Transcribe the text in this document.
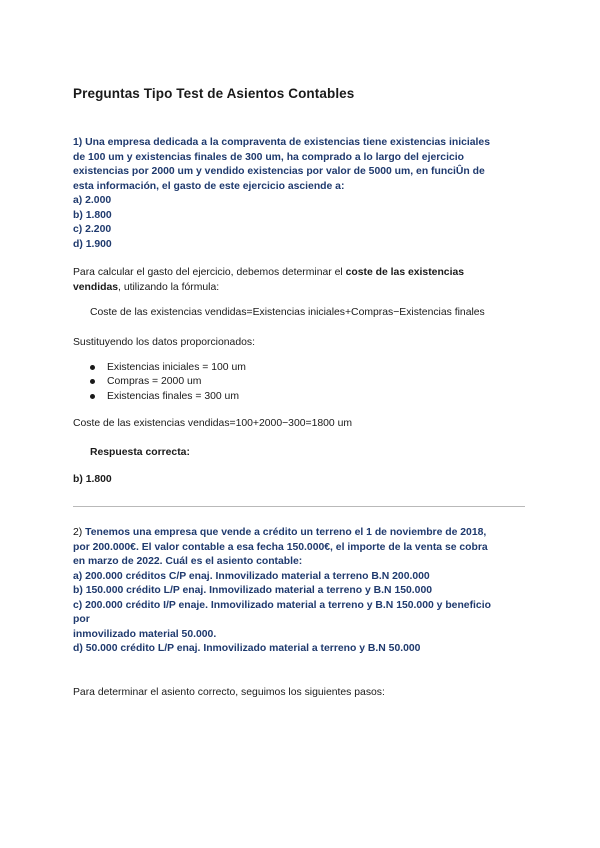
Preguntas Tipo Test de Asientos Contables
1) Una empresa dedicada a la compraventa de existencias tiene existencias iniciales
de 100 um y existencias finales de 300 um, ha comprado a lo largo del ejercicio
existencias por 2000 um y vendido existencias por valor de 5000 um, en funciÛn de
esta información, el gasto de este ejercicio asciende a:
a) 2.000
b) 1.800
c) 2.200
d) 1.900
Para calcular el gasto del ejercicio, debemos determinar el coste de las existencias
vendidas, utilizando la fórmula:
Coste de las existencias vendidas=Existencias iniciales+Compras−Existencias finales
Sustituyendo los datos proporcionados:
Existencias iniciales = 100 um
Compras = 2000 um
Existencias finales = 300 um
Coste de las existencias vendidas=100+2000−300=1800 um
Respuesta correcta:
b) 1.800
2) Tenemos una empresa que vende a crédito un terreno el 1 de noviembre de 2018,
por 200.000€. El valor contable a esa fecha 150.000€, el importe de la venta se cobra
en marzo de 2022. Cuál es el asiento contable:
a) 200.000 créditos C/P enaj. Inmovilizado material a terreno B.N 200.000
b) 150.000 crédito L/P enaj. Inmovilizado material a terreno y B.N 150.000
c) 200.000 crédito I/P enaje. Inmovilizado material a terreno y B.N 150.000 y beneficio
por
inmovilizado material 50.000.
d) 50.000 crédito L/P enaj. Inmovilizado material a terreno y B.N 50.000
Para determinar el asiento correcto, seguimos los siguientes pasos:
